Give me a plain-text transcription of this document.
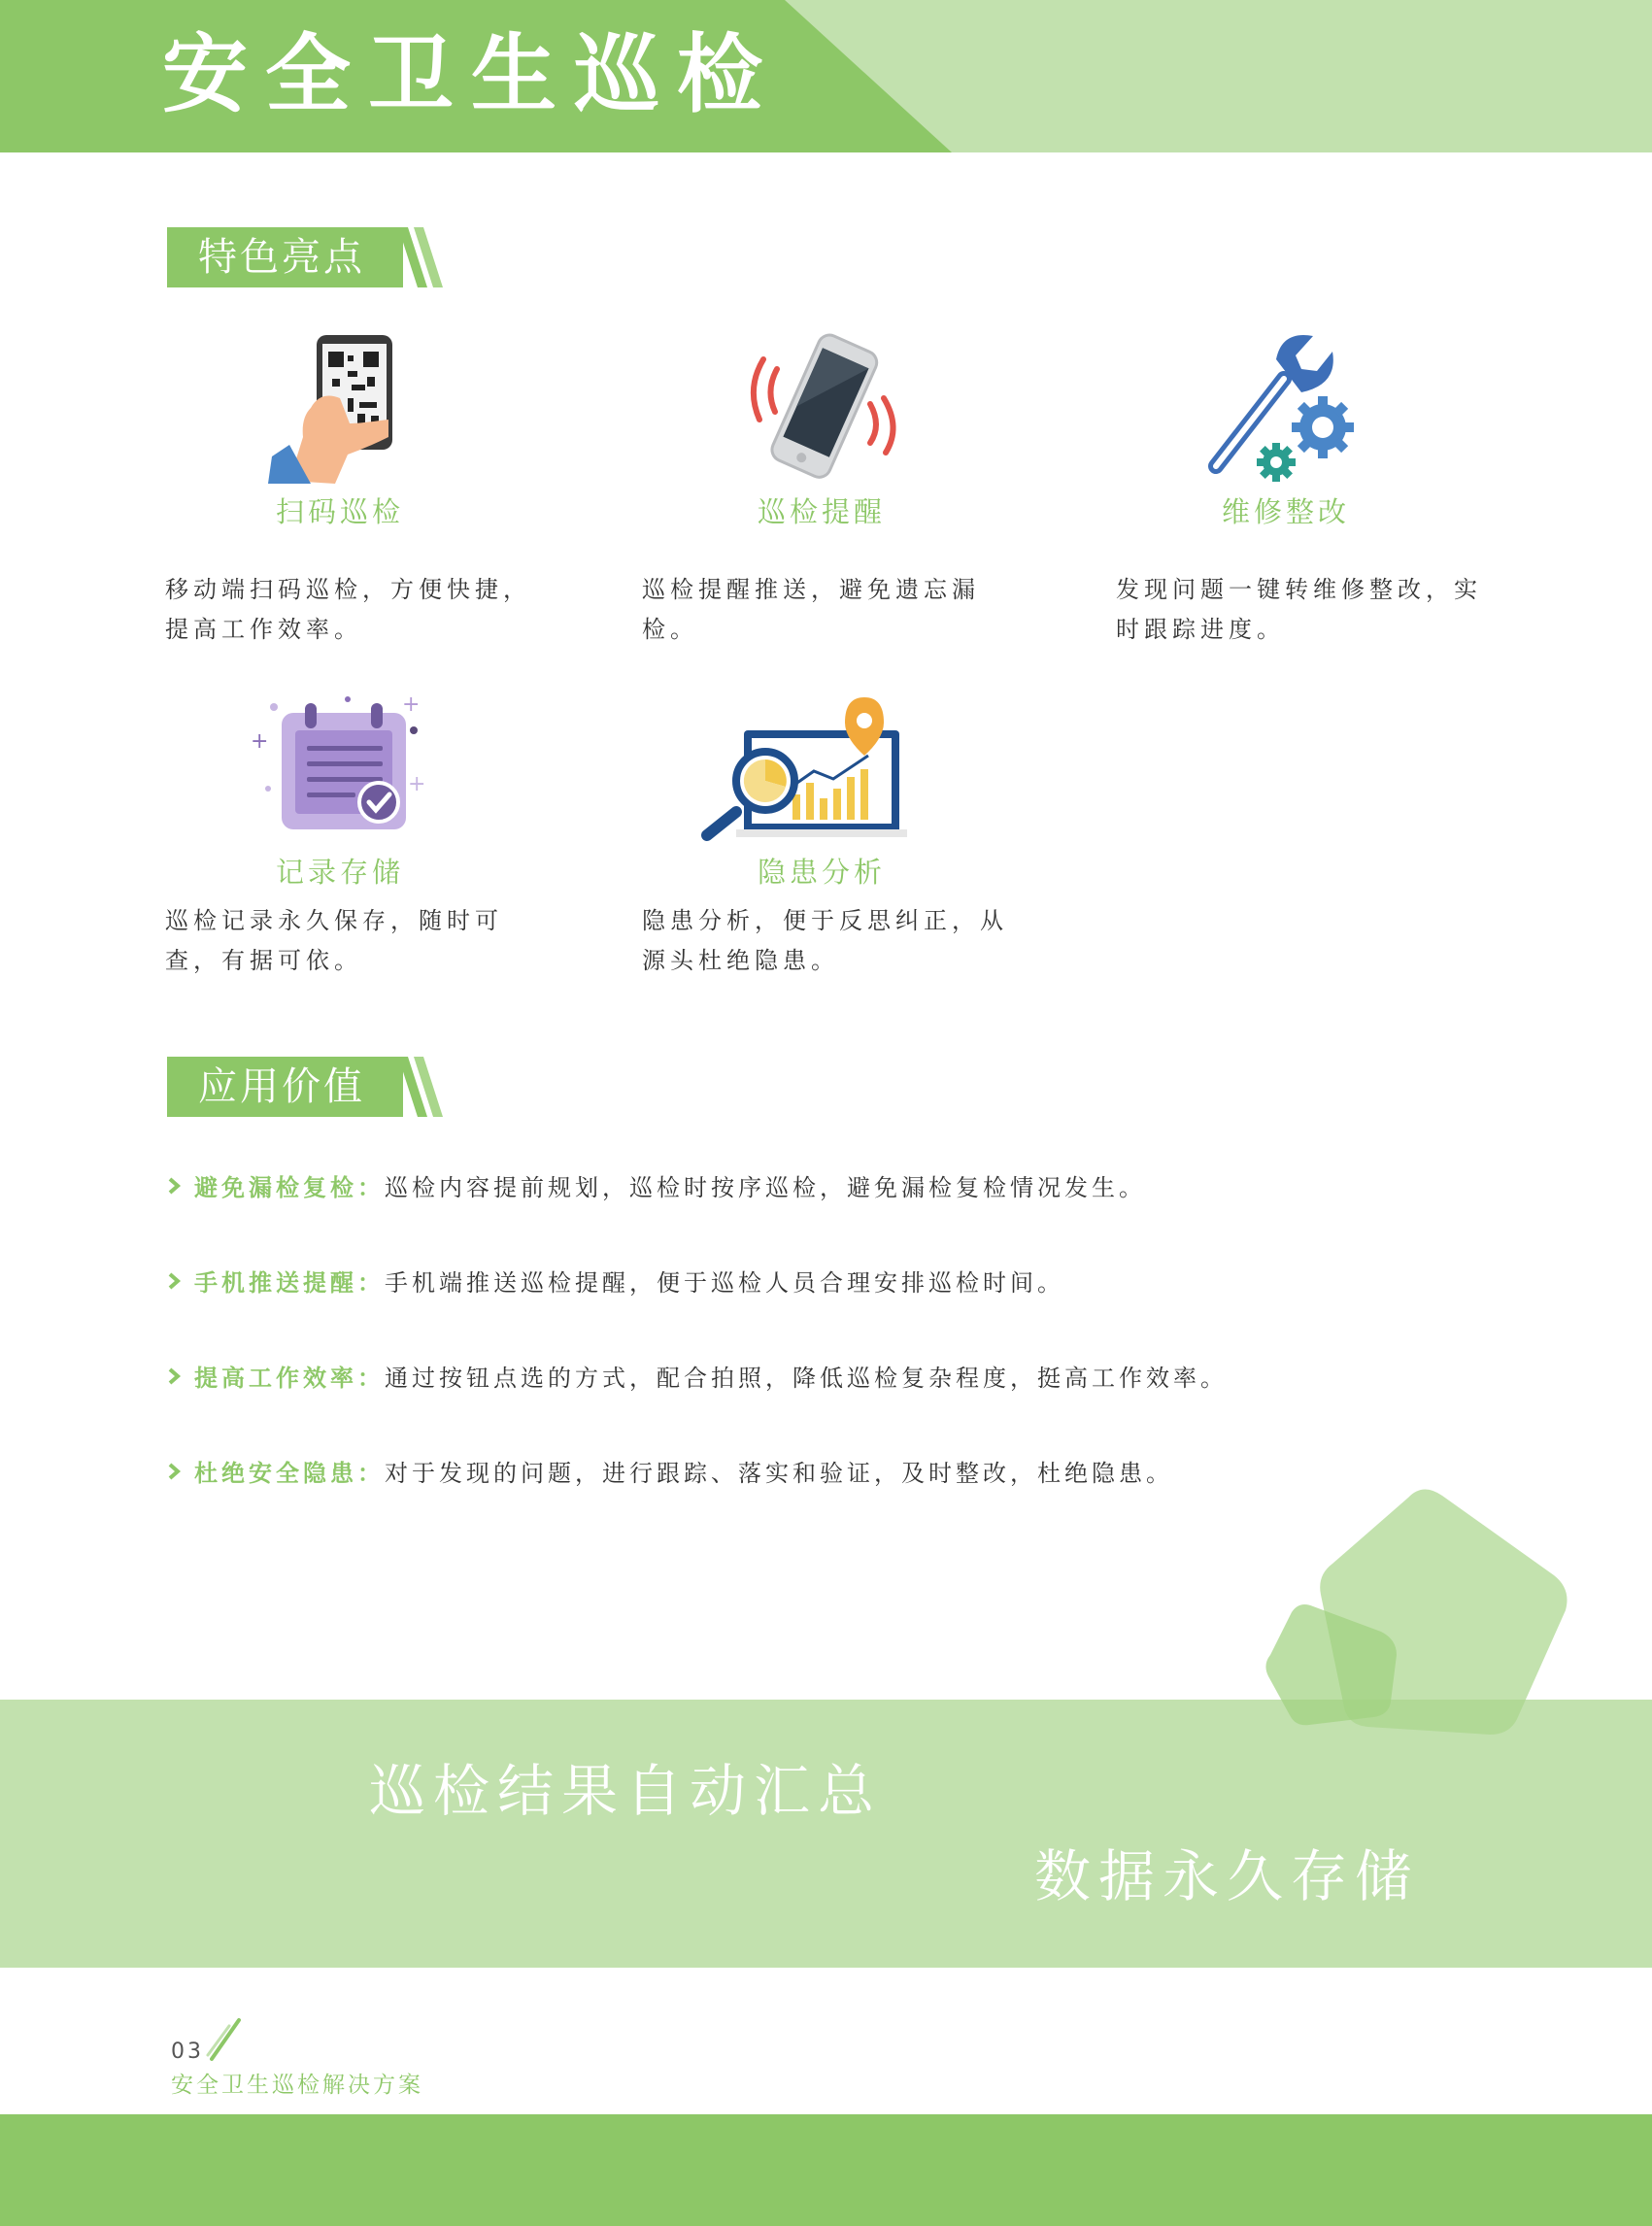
安全卫生巡检
特色亮点
扫码巡检
移动端扫码巡检，方便快捷，
提高工作效率。
巡检提醒
巡检提醒推送，避免遗忘漏
检。
维修整改
发现问题一键转维修整改，实
时跟踪进度。
+
+
+
记录存储
巡检记录永久保存，随时可
查，有据可依。
隐患分析
隐患分析，便于反思纠正，从
源头杜绝隐患。
应用价值
避免漏检复检：巡检内容提前规划，巡检时按序巡检，避免漏检复检情况发生。
手机推送提醒：手机端推送巡检提醒，便于巡检人员合理安排巡检时间。
提高工作效率：通过按钮点选的方式，配合拍照，降低巡检复杂程度，挺高工作效率。
杜绝安全隐患：对于发现的问题，进行跟踪、落实和验证，及时整改，杜绝隐患。
巡检结果自动汇总
数据永久存储
03
安全卫生巡检解决方案
